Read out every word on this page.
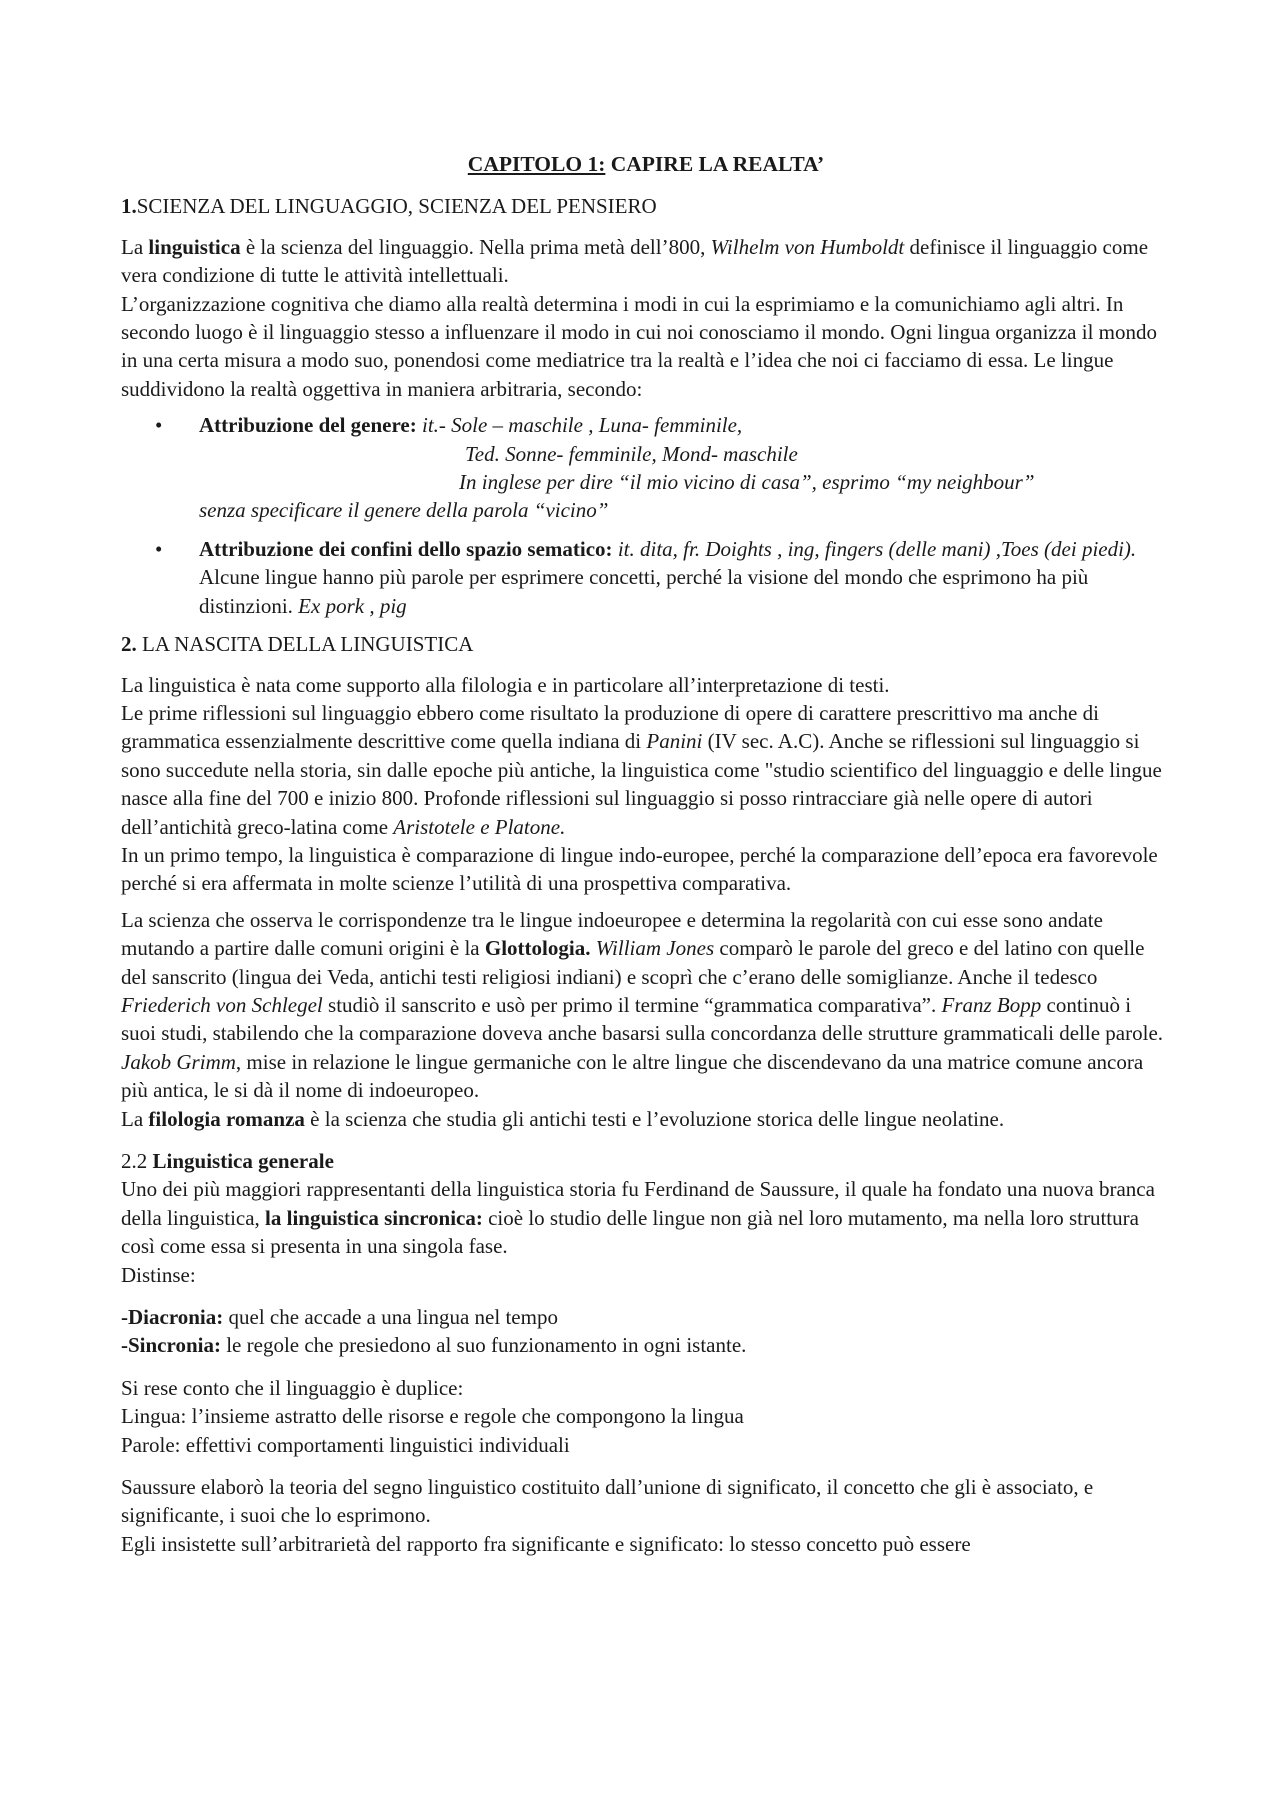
CAPITOLO 1: CAPIRE LA REALTA’
1.SCIENZA DEL LINGUAGGIO, SCIENZA DEL PENSIERO

La linguistica è la scienza del linguaggio. Nella prima metà dell’800, Wilhelm von Humboldt definisce il linguaggio come vera condizione di tutte le attività intellettuali.
L’organizzazione cognitiva che diamo alla realtà determina i modi in cui la esprimiamo e la comunichiamo agli altri. In secondo luogo è il linguaggio stesso a influenzare il modo in cui noi conosciamo il mondo. Ogni lingua organizza il mondo in una certa misura a modo suo, ponendosi come mediatrice tra la realtà e l’idea che noi ci facciamo di essa. Le lingue suddividono la realtà oggettiva in maniera arbitraria, secondo:

• Attribuzione del genere: it.- Sole – maschile , Luna- femminile,
Ted. Sonne- femminile, Mond- maschile
In inglese per dire “il mio vicino di casa”, esprimo “my neighbour”
senza specificare il genere della parola “vicino”
• Attribuzione dei confini dello spazio sematico: it. dita, fr. Doights , ing, fingers (delle mani) ,Toes (dei piedi).
Alcune lingue hanno più parole per esprimere concetti, perché la visione del mondo che esprimono ha più distinzioni. Ex pork , pig
2. LA NASCITA DELLA LINGUISTICA

La linguistica è nata come supporto alla filologia e in particolare all’interpretazione di testi.
Le prime riflessioni sul linguaggio ebbero come risultato la produzione di opere di carattere prescrittivo ma anche di grammatica essenzialmente descrittive come quella indiana di Panini (IV sec. A.C). Anche se riflessioni sul linguaggio si sono succedute nella storia, sin dalle epoche più antiche, la linguistica come "studio scientifico del linguaggio e delle lingue nasce alla fine del 700 e inizio 800. Profonde riflessioni sul linguaggio si posso rintracciare già nelle opere di autori dell’antichità greco-latina come Aristotele e Platone.
In un primo tempo, la linguistica è comparazione di lingue indo-europee, perché la comparazione dell’epoca era favorevole perché si era affermata in molte scienze l’utilità di una prospettiva comparativa.

La scienza che osserva le corrispondenze tra le lingue indoeuropee e determina la regolarità con cui esse sono andate mutando a partire dalle comuni origini è la Glottologia. William Jones comparò le parole del greco e del latino con quelle del sanscrito (lingua dei Veda, antichi testi religiosi indiani) e scoprì che c’erano delle somiglianze. Anche il tedesco Friederich von Schlegel studiò il sanscrito e usò per primo il termine “grammatica comparativa”. Franz Bopp continuò i suoi studi, stabilendo che la comparazione doveva anche basarsi sulla concordanza delle strutture grammaticali delle parole. Jakob Grimm, mise in relazione le lingue germaniche con le altre lingue che discendevano da una matrice comune ancora più antica, le si dà il nome di indoeuropeo.
La filologia romanza è la scienza che studia gli antichi testi e l’evoluzione storica delle lingue neolatine.

2.2 Linguistica generale
Uno dei più maggiori rappresentanti della linguistica storia fu Ferdinand de Saussure, il quale ha fondato una nuova branca della linguistica, la linguistica sincronica: cioè lo studio delle lingue non già nel loro mutamento, ma nella loro struttura così come essa si presenta in una singola fase.
Distinse:

-Diacronia: quel che accade a una lingua nel tempo
-Sincronia: le regole che presiedono al suo funzionamento in ogni istante.

Si rese conto che il linguaggio è duplice:
Lingua: l’insieme astratto delle risorse e regole che compongono la lingua
Parole: effettivi comportamenti linguistici individuali

Saussure elaborò la teoria del segno linguistico costituito dall’unione di significato, il concetto che gli è associato, e significante, i suoi che lo esprimono.
Egli insistette sull’arbitrarietà del rapporto fra significante e significato: lo stesso concetto può essere
